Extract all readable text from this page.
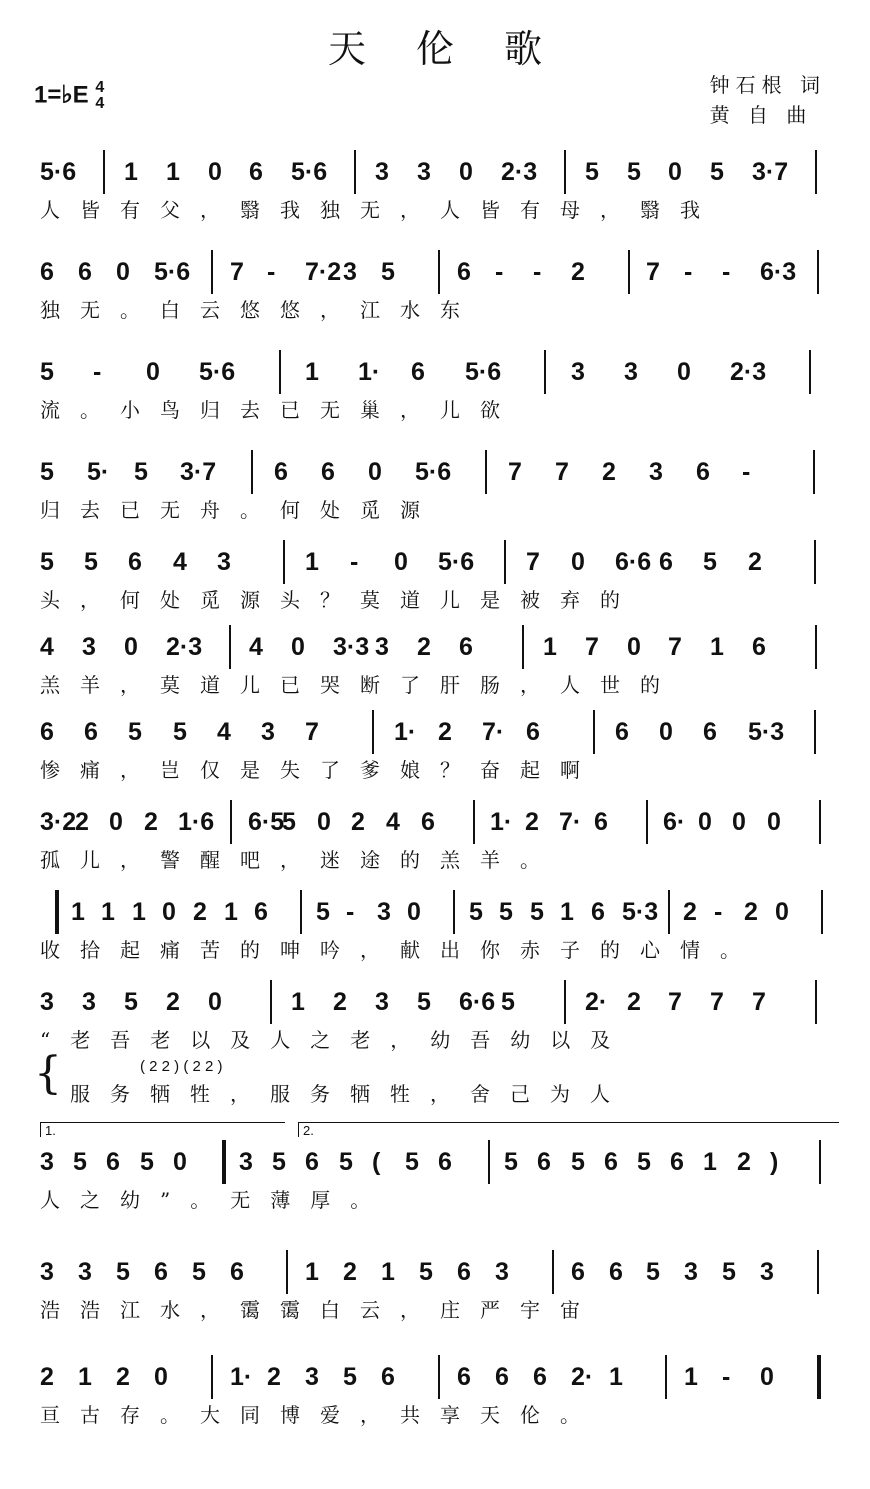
天伦歌
1=♭E 4
4
钟石根 词
黄 自 曲
5·6 1 1 0 6 5·6 3 3 0 2·3 5 5 0 5 3·7
人皆有父，翳我独无，人皆有母，翳我
6 6 0 5·6 7 - 7·2 3 5 6 - - 2 7 - - 6·3
独无。白云悠悠，江水东
5 - 0 5·6	1 1· 6 5·6	3 3 0 2·3
流。小鸟归去已无巢，儿欲
5 5· 5 3·7 6 6 0 5·6 7 7 2 3 6 -
归去已无舟。何处觅源
5 5 6 4 3	1 - 0 5·6 7 0 6·6 6 5 2
头，何处觅源头？莫道儿是被弃的
4 3 0 2·3 4 0 3·3 3 2 6	1 7 0 7 1 6
羔羊，莫道儿已哭断了肝肠，人世的
6 6 5 5 4 3 7	1· 2 7· 6	6 0 6 5·3
惨痛，岂仅是失了爹娘？奋起啊
3·2
2 0 2 1·6 6·5
5 0 2 4 6 1· 2 7· 6 6· 0 0 0
孤儿，警醒吧，迷途的羔羊。
1 1 1 0 2 1 6 5 - 3 0 5 5 5 1 6 5·3 2 - 2 0
收拾起痛苦的呻吟，献出你赤子的心情。
3 3 5 2 0	1 2 3 5 6·6 5	2· 2 7 7 7
“老吾老以及人之老，幼吾幼以及
{	( 2 2 ) ( 2 2 )
服务牺牲，服务牺牲，舍己为人
3 5 6 5 0 3 5 6 5 ( 5 6 5 6 5 6 5 6 1 2 )
1.	2.
人之幼”。无薄厚。
3 3 5 6 5 6 1 2 1 5 6 3 6 6 5 3 5 3
浩浩江水，霭霭白云，庄严宇宙
2 1 2 0 1· 2 3 5 6 6 6 6 2· 1 1 - 0
亘古存。大同博爱，共享天伦。
